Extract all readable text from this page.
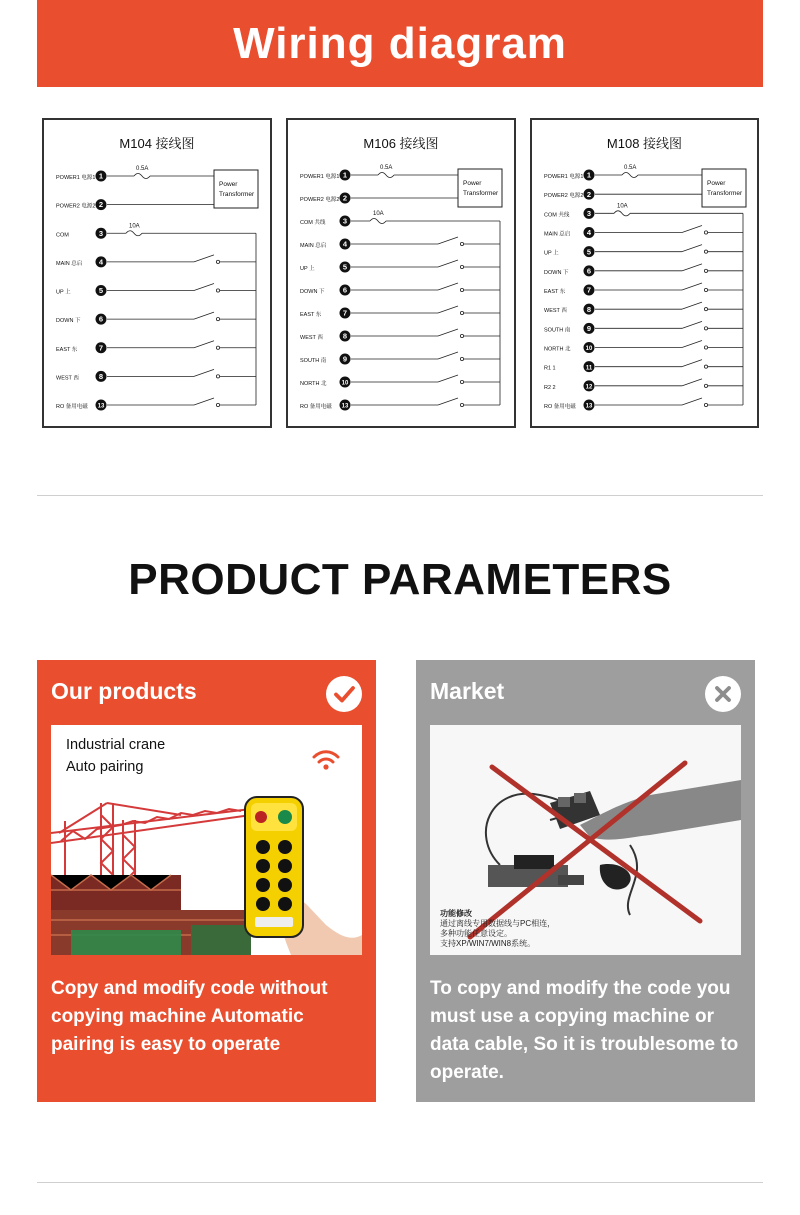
Wiring diagram
M104 接线图
Power
Transformer
POWER1 电源1 1
0.5A
POWER2 电源2 2
COM	3
10A
MAIN 总启 4
UP 上	5
DOWN 下 6
EAST 东	7
WEST 西	8
RO 备用电磁 13
M106 接线图
Power
Transformer
POWER1 电源1 1
0.5A
POWER2 电源2 2
COM 共线 3
10A
MAIN 总启 4
UP 上	5
DOWN 下 6
EAST 东	7
WEST 西	8
SOUTH 南 9
NORTH 北	10
RO 备用电磁 13
M108 接线图
Power
Transformer
POWER1 电源1 1
0.5A
POWER2 电源2 2
COM 共线 3
10A
MAIN 总启 4
UP 上	5
DOWN 下 6
EAST 东	7
WEST 西	8
SOUTH 南 9
NORTH 北	10
R1 1	11
R2 2	12
RO 备用电磁 13
PRODUCT PARAMETERS
Our products
Industrial crane
Auto pairing
Copy and modify code without copying machine Automatic pairing is easy to operate
Market
功能修改
通过离线专用数据线与PC相连，
多种功能任意设定。
支持XP/WIN7/WIN8系统。
To copy and modify the code you must use a copying machine or data cable, So it is troublesome to operate.
